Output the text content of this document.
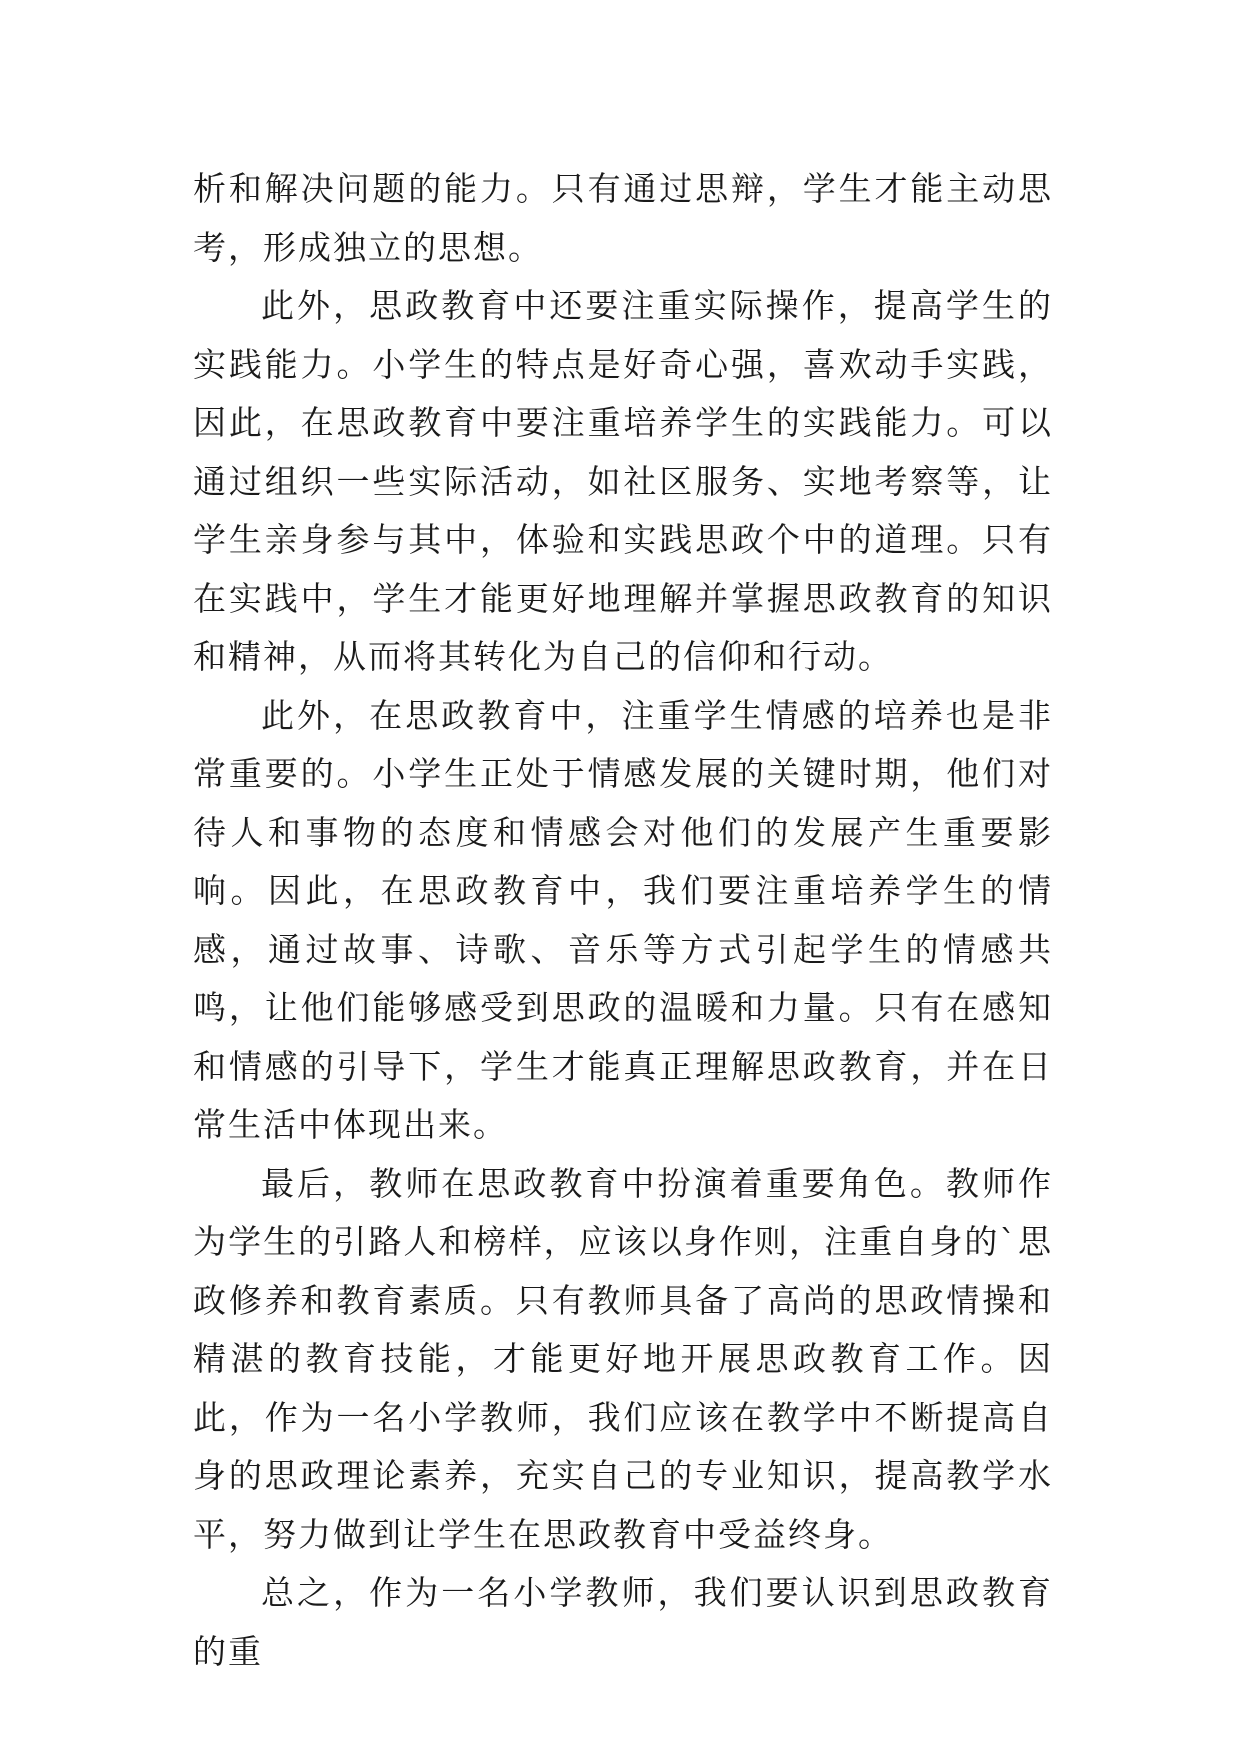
析和解决问题的能力。只有通过思辩，学生才能主动思考，形成独立的思想。

此外，思政教育中还要注重实际操作，提高学生的实践能力。小学生的特点是好奇心强，喜欢动手实践，因此，在思政教育中要注重培养学生的实践能力。可以通过组织一些实际活动，如社区服务、实地考察等，让学生亲身参与其中，体验和实践思政个中的道理。只有在实践中，学生才能更好地理解并掌握思政教育的知识和精神，从而将其转化为自己的信仰和行动。

此外，在思政教育中，注重学生情感的培养也是非常重要的。小学生正处于情感发展的关键时期，他们对待人和事物的态度和情感会对他们的发展产生重要影响。因此，在思政教育中，我们要注重培养学生的情感，通过故事、诗歌、音乐等方式引起学生的情感共鸣，让他们能够感受到思政的温暖和力量。只有在感知和情感的引导下，学生才能真正理解思政教育，并在日常生活中体现出来。

最后，教师在思政教育中扮演着重要角色。教师作为学生的引路人和榜样，应该以身作则，注重自身的`思政修养和教育素质。只有教师具备了高尚的思政情操和精湛的教育技能，才能更好地开展思政教育工作。因此，作为一名小学教师，我们应该在教学中不断提高自身的思政理论素养，充实自己的专业知识，提高教学水平，努力做到让学生在思政教育中受益终身。

总之，作为一名小学教师，我们要认识到思政教育的重
